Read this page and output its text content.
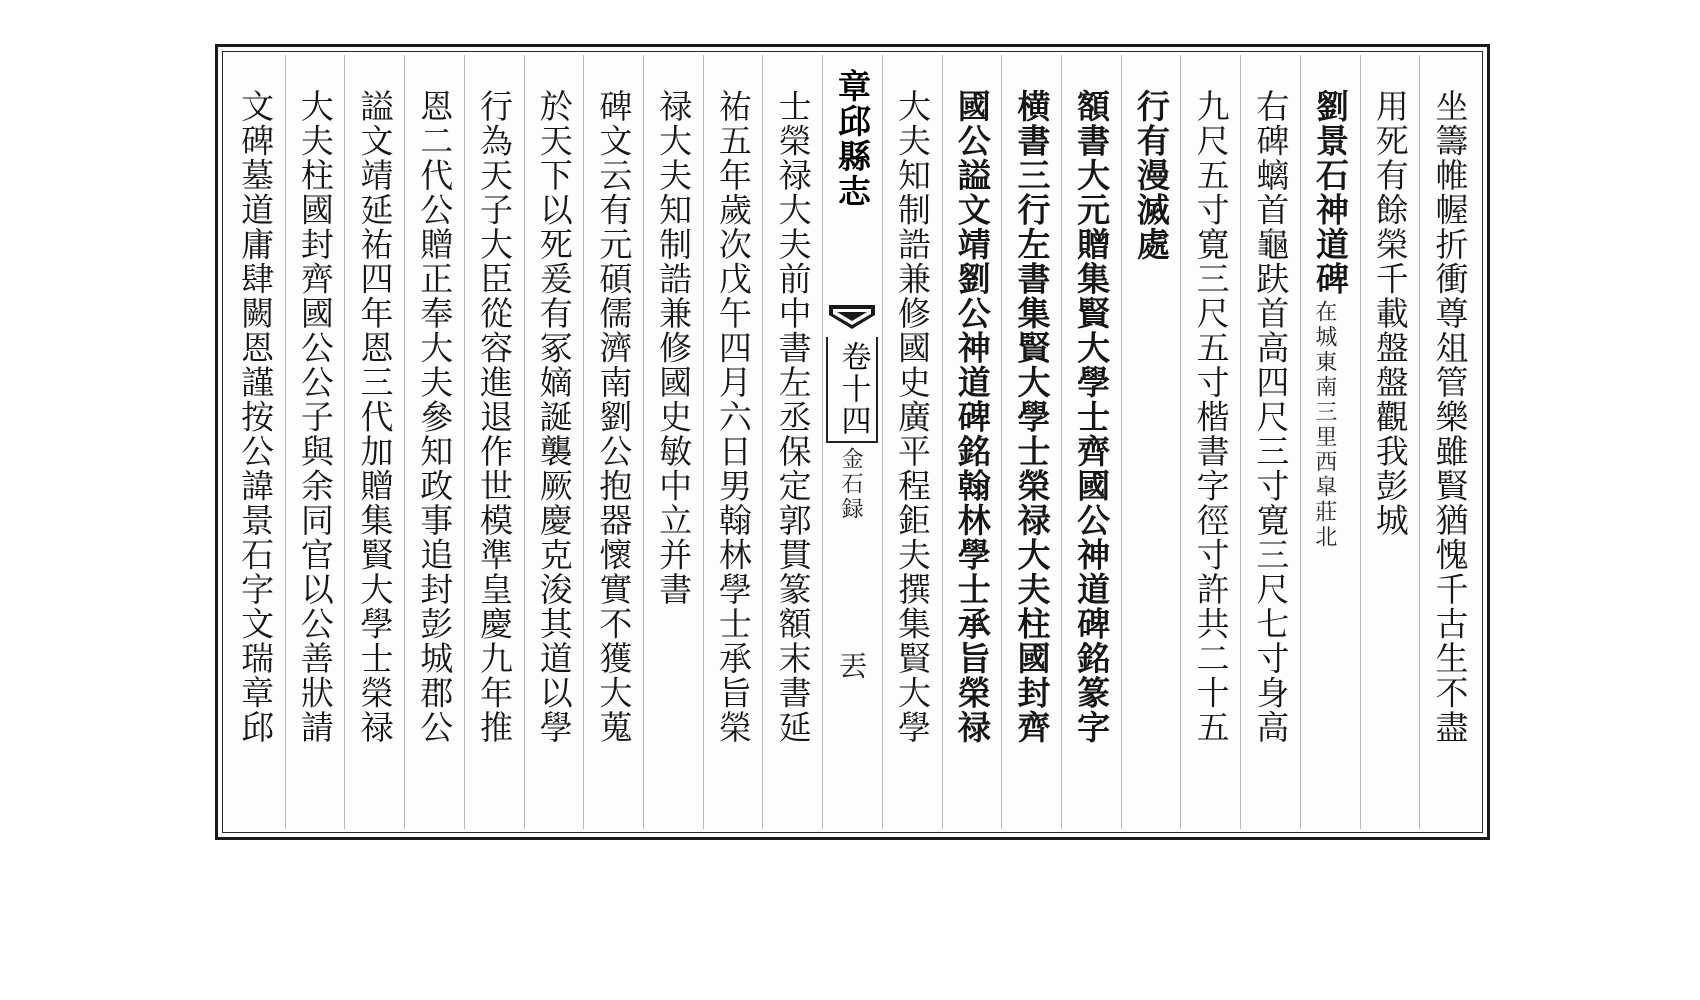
坐籌帷幄折衝尊俎管樂雖賢猶愧千古生不盡
用死有餘榮千載盤盤觀我彭城
劉景石神道碑
在城東南三里西皐莊北
右碑螭首龜趺首高四尺三寸寛三尺七寸身高
九尺五寸寛三尺五寸楷書字徑寸許共二十五
行有漫滅處
額書大元贈集賢大學士齊國公神道碑銘篆字
横書三行左書集賢大學士榮禄大夫柱國封齊
國公謚文靖劉公神道碑銘翰林學士承旨榮禄
大夫知制誥兼修國史廣平程鉅夫撰集賢大學
章邱縣志
卷十四
金石録
丟
士榮禄大夫前中書左丞保定郭貫篆額末書延
祐五年歲次戊午四月六日男翰林學士承旨榮
禄大夫知制誥兼修國史敏中立并書
碑文云有元碩儒濟南劉公抱器懷實不獲大蒐
於天下以死爰有冢嫡誕襲厥慶克浚其道以學
行為天子大臣從容進退作世模準皇慶九年推
恩二代公贈正奉大夫參知政事追封彭城郡公
謚文靖延祐四年恩三代加贈集賢大學士榮禄
大夫柱國封齊國公公子與余同官以公善狀請
文碑墓道庸肆闕恩謹按公諱景石字文瑞章邱
